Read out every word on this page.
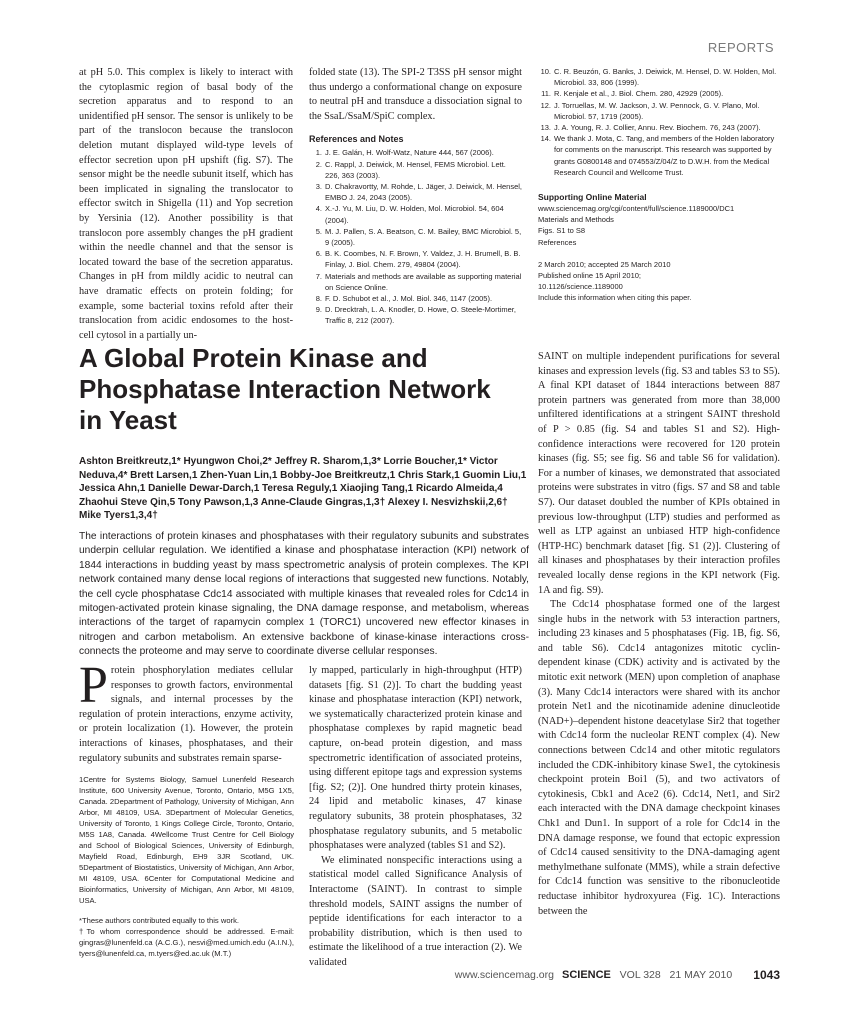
REPORTS
at pH 5.0. This complex is likely to interact with the cytoplasmic region of basal body of the secretion apparatus and to respond to an unidentified pH sensor. The sensor is unlikely to be part of the translocon because the translocon deletion mutant displayed wild-type levels of effector secretion upon pH upshift (fig. S7). The sensor might be the needle subunit itself, which has been implicated in signaling the translocator to effector switch in Shigella (11) and Yop secretion by Yersinia (12). Another possibility is that translocon pore assembly changes the pH gradient within the needle channel and that the sensor is located toward the base of the secretion apparatus. Changes in pH from mildly acidic to neutral can have dramatic effects on protein folding; for example, some bacterial toxins refold after their translocation from acidic endosomes to the host-cell cytosol in a partially un-
folded state (13). The SPI-2 T3SS pH sensor might thus undergo a conformational change on exposure to neutral pH and transduce a dissociation signal to the SsaL/SsaM/SpiC complex.
References and Notes
1. J. E. Galán, H. Wolf-Watz, Nature 444, 567 (2006).
2. C. Rappl, J. Deiwick, M. Hensel, FEMS Microbiol. Lett. 226, 363 (2003).
3. D. Chakravortty, M. Rohde, L. Jäger, J. Deiwick, M. Hensel, EMBO J. 24, 2043 (2005).
4. X.-J. Yu, M. Liu, D. W. Holden, Mol. Microbiol. 54, 604 (2004).
5. M. J. Pallen, S. A. Beatson, C. M. Bailey, BMC Microbiol. 5, 9 (2005).
6. B. K. Coombes, N. F. Brown, Y. Valdez, J. H. Brumell, B. B. Finlay, J. Biol. Chem. 279, 49804 (2004).
7. Materials and methods are available as supporting material on Science Online.
8. F. D. Schubot et al., J. Mol. Biol. 346, 1147 (2005).
9. D. Drecktrah, L. A. Knodler, D. Howe, O. Steele-Mortimer, Traffic 8, 212 (2007).
10. C. R. Beuzón, G. Banks, J. Deiwick, M. Hensel, D. W. Holden, Mol. Microbiol. 33, 806 (1999).
11. R. Kenjale et al., J. Biol. Chem. 280, 42929 (2005).
12. J. Torruellas, M. W. Jackson, J. W. Pennock, G. V. Plano, Mol. Microbiol. 57, 1719 (2005).
13. J. A. Young, R. J. Collier, Annu. Rev. Biochem. 76, 243 (2007).
14. We thank J. Mota, C. Tang, and members of the Holden laboratory for comments on the manuscript. This research was supported by grants G0800148 and 074553/Z/04/Z to D.W.H. from the Medical Research Council and Wellcome Trust.
Supporting Online Material
www.sciencemag.org/cgi/content/full/science.1189000/DC1
Materials and Methods
Figs. S1 to S8
References
2 March 2010; accepted 25 March 2010
Published online 15 April 2010;
10.1126/science.1189000
Include this information when citing this paper.
A Global Protein Kinase and Phosphatase Interaction Network in Yeast
Ashton Breitkreutz,1* Hyungwon Choi,2* Jeffrey R. Sharom,1,3* Lorrie Boucher,1* Victor Neduva,4* Brett Larsen,1 Zhen-Yuan Lin,1 Bobby-Joe Breitkreutz,1 Chris Stark,1 Guomin Liu,1 Jessica Ahn,1 Danielle Dewar-Darch,1 Teresa Reguly,1 Xiaojing Tang,1 Ricardo Almeida,4 Zhaohui Steve Qin,5 Tony Pawson,1,3 Anne-Claude Gingras,1,3† Alexey I. Nesvizhskii,2,6† Mike Tyers1,3,4†

The interactions of protein kinases and phosphatases with their regulatory subunits and substrates underpin cellular regulation. We identified a kinase and phosphatase interaction (KPI) network of 1844 interactions in budding yeast by mass spectrometric analysis of protein complexes. The KPI network contained many dense local regions of interactions that suggested new functions. Notably, the cell cycle phosphatase Cdc14 associated with multiple kinases that revealed roles for Cdc14 in mitogen-activated protein kinase signaling, the DNA damage response, and metabolism, whereas interactions of the target of rapamycin complex 1 (TORC1) uncovered new effector kinases in nitrogen and carbon metabolism. An extensive backbone of kinase-kinase interactions cross-connects the proteome and may serve to coordinate diverse cellular responses.

Protein phosphorylation mediates cellular responses to growth factors, environmental signals, and internal processes by the regulation of protein interactions, enzyme activity, or protein localization (1). However, the protein interactions of kinases, phosphatases, and their regulatory subunits and substrates remain sparse-

1Centre for Systems Biology, Samuel Lunenfeld Research Institute, 600 University Avenue, Toronto, Ontario, M5G 1X5, Canada. 2Department of Pathology, University of Michigan, Ann Arbor, MI 48109, USA. 3Department of Molecular Genetics, University of Toronto, 1 Kings College Circle, Toronto, Ontario, M5S 1A8, Canada. 4Wellcome Trust Centre for Cell Biology and School of Biological Sciences, University of Edinburgh, Mayfield Road, Edinburgh, EH9 3JR Scotland, UK. 5Department of Biostatistics, University of Michigan, Ann Arbor, MI 48109, USA. 6Center for Computational Medicine and Bioinformatics, University of Michigan, Ann Arbor, MI 48109, USA.

*These authors contributed equally to this work.

†To whom correspondence should be addressed. E-mail: gingras@lunenfeld.ca (A.C.G.), nesvi@med.umich.edu (A.I.N.), tyers@lunenfeld.ca, m.tyers@ed.ac.uk (M.T.)

ly mapped, particularly in high-throughput (HTP) datasets [fig. S1 (2)]. To chart the budding yeast kinase and phosphatase interaction (KPI) network, we systematically characterized protein kinase and phosphatase complexes by rapid magnetic bead capture, on-bead protein digestion, and mass spectrometric identification of associated proteins, using different epitope tags and expression systems [fig. S2; (2)]. One hundred thirty protein kinases, 24 lipid and metabolic kinases, 47 kinase regulatory subunits, 38 protein phosphatases, 32 phosphatase regulatory subunits, and 5 metabolic phosphatases were analyzed (tables S1 and S2).

We eliminated nonspecific interactions using a statistical model called Significance Analysis of Interactome (SAINT). In contrast to simple threshold models, SAINT assigns the number of peptide identifications for each interactor to a probability distribution, which is then used to estimate the likelihood of a true interaction (2). We validated

SAINT on multiple independent purifications for several kinases and expression levels (fig. S3 and tables S3 to S5). A final KPI dataset of 1844 interactions between 887 protein partners was generated from more than 38,000 unfiltered identifications at a stringent SAINT threshold of P > 0.85 (fig. S4 and tables S1 and S2). High-confidence interactions were recovered for 120 protein kinases (fig. S5; see fig. S6 and table S6 for validation). For a number of kinases, we demonstrated that associated proteins were substrates in vitro (figs. S7 and S8 and table S7). Our dataset doubled the number of KPIs obtained in previous low-throughput (LTP) studies and performed as well as LTP against an unbiased HTP high-confidence (HTP-HC) benchmark dataset [fig. S1 (2)]. Clustering of all kinases and phosphatases by their interaction profiles revealed locally dense regions in the KPI network (Fig. 1A and fig. S9).

The Cdc14 phosphatase formed one of the largest single hubs in the network with 53 interaction partners, including 23 kinases and 5 phosphatases (Fig. 1B, fig. S6, and table S6). Cdc14 antagonizes mitotic cyclin-dependent kinase (CDK) activity and is activated by the mitotic exit network (MEN) upon completion of anaphase (3). Many Cdc14 interactors were shared with its anchor protein Net1 and the nicotinamide adenine dinucleotide (NAD+)–dependent histone deacetylase Sir2 that together with Cdc14 form the nucleolar RENT complex (4). New connections between Cdc14 and other mitotic regulators included the CDK-inhibitory kinase Swe1, the cytokinesis checkpoint protein Boi1 (5), and two activators of cytokinesis, Cbk1 and Ace2 (6). Cdc14, Net1, and Sir2 each interacted with the DNA damage checkpoint kinases Chk1 and Dun1. In support of a role for Cdc14 in the DNA damage response, we found that ectopic expression of Cdc14 caused sensitivity to the DNA-damaging agent methylmethane sulfonate (MMS), while a strain defective for Cdc14 function was sensitive to the ribonucleotide reductase inhibitor hydroxyurea (Fig. 1C). Interactions between the

www.sciencemag.org SCIENCE VOL 328 21 MAY 2010 1043
